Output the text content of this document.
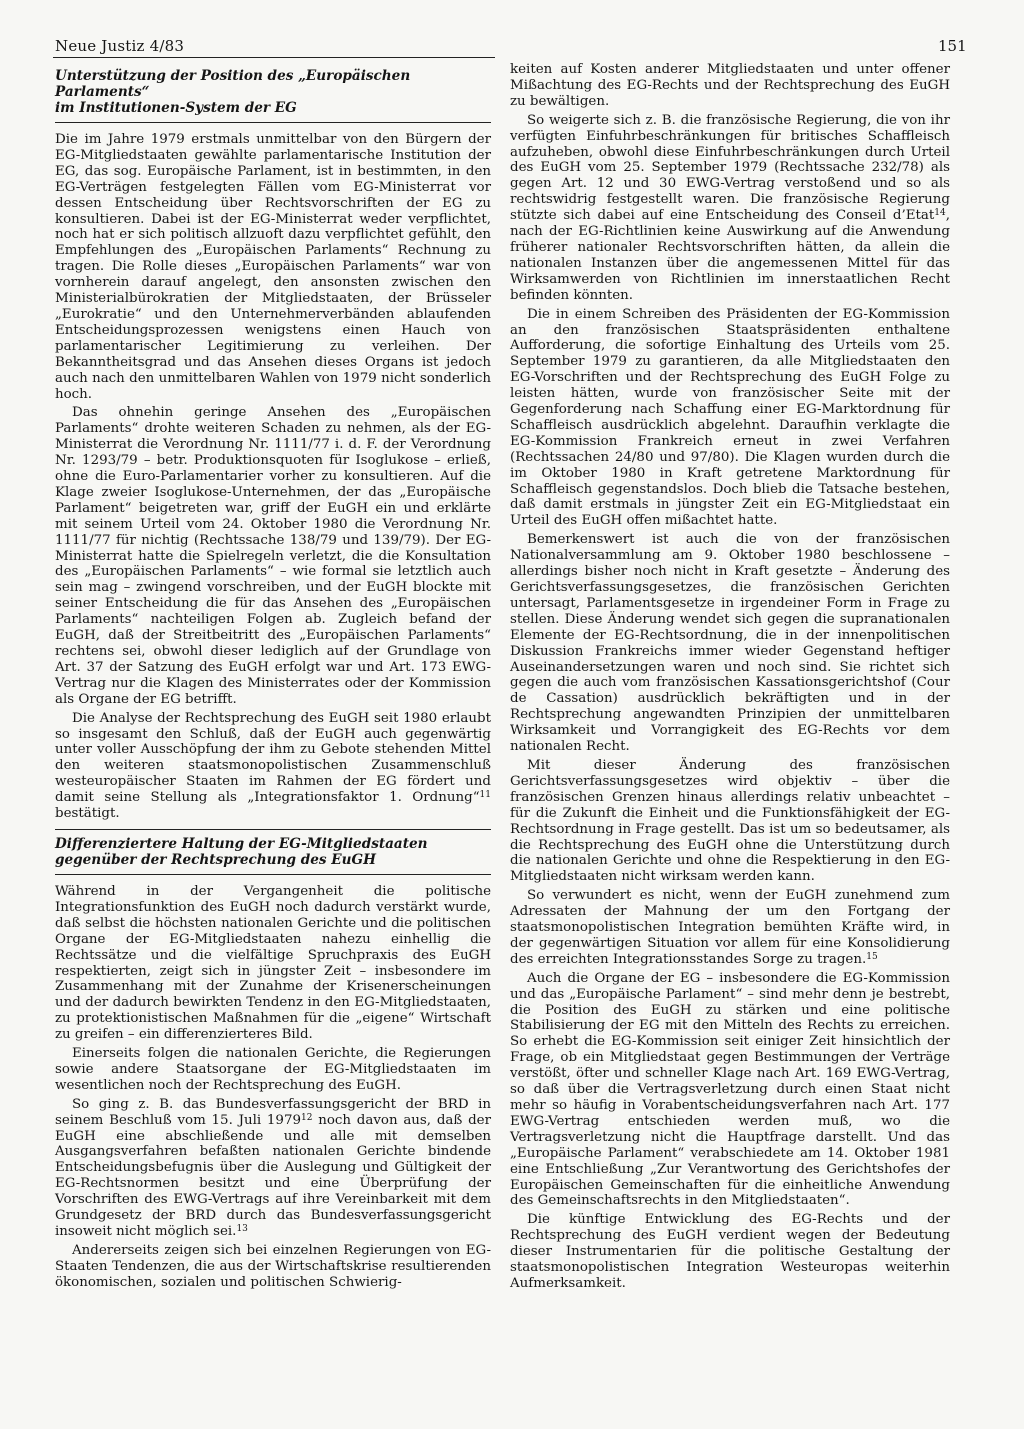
Neue Justiz 4/83	151
Unterstützung der Position des „Europäischen Parlaments“
im Institutionen-System der EG

Die im Jahre 1979 erstmals unmittelbar von den Bürgern der EG-Mitgliedstaaten gewählte parlamentarische Institution der EG, das sog. Europäische Parlament, ist in bestimmten, in den EG-Verträgen festgelegten Fällen vom EG-Ministerrat vor dessen Entscheidung über Rechtsvorschriften der EG zu konsultieren. Dabei ist der EG-Ministerrat weder verpflichtet, noch hat er sich politisch allzuoft dazu verpflichtet gefühlt, den Empfehlungen des „Europäischen Parlaments“ Rechnung zu tragen. Die Rolle dieses „Europäischen Parlaments“ war von vornherein darauf angelegt, den ansonsten zwischen den Ministerialbürokratien der Mitgliedstaaten, der Brüsseler „Eurokratie“ und den Unternehmerverbänden ablaufenden Entscheidungsprozessen wenigstens einen Hauch von parlamentarischer Legitimierung zu verleihen. Der Bekanntheitsgrad und das Ansehen dieses Organs ist jedoch auch nach den unmittelbaren Wahlen von 1979 nicht sonderlich hoch.

Das ohnehin geringe Ansehen des „Europäischen Parlaments“ drohte weiteren Schaden zu nehmen, als der EG-Ministerrat die Verordnung Nr. 1111/77 i. d. F. der Verordnung Nr. 1293/79 – betr. Produktionsquoten für Isoglukose – erließ, ohne die Euro-Parlamentarier vorher zu konsultieren. Auf die Klage zweier Isoglukose-Unternehmen, der das „Europäische Parlament“ beigetreten war, griff der EuGH ein und erklärte mit seinem Urteil vom 24. Oktober 1980 die Verordnung Nr. 1111/77 für nichtig (Rechtssache 138/79 und 139/79). Der EG-Ministerrat hatte die Spielregeln verletzt, die die Konsultation des „Europäischen Parlaments“ – wie formal sie letztlich auch sein mag – zwingend vorschreiben, und der EuGH blockte mit seiner Entscheidung die für das Ansehen des „Europäischen Parlaments“ nachteiligen Folgen ab. Zugleich befand der EuGH, daß der Streitbeitritt des „Europäischen Parlaments“ rechtens sei, obwohl dieser lediglich auf der Grundlage von Art. 37 der Satzung des EuGH erfolgt war und Art. 173 EWG-Vertrag nur die Klagen des Ministerrates oder der Kommission als Organe der EG betrifft.

Die Analyse der Rechtsprechung des EuGH seit 1980 erlaubt so insgesamt den Schluß, daß der EuGH auch gegenwärtig unter voller Ausschöpfung der ihm zu Gebote stehenden Mittel den weiteren staatsmonopolistischen Zusammenschluß westeuropäischer Staaten im Rahmen der EG fördert und damit seine Stellung als „Integrationsfaktor 1. Ordnung“$^{11}$ bestätigt.

Differenziertere Haltung der EG-Mitgliedstaaten
gegenüber der Rechtsprechung des EuGH

Während in der Vergangenheit die politische Integrationsfunktion des EuGH noch dadurch verstärkt wurde, daß selbst die höchsten nationalen Gerichte und die politischen Organe der EG-Mitgliedstaaten nahezu einhellig die Rechtssätze und die vielfältige Spruchpraxis des EuGH respektierten, zeigt sich in jüngster Zeit – insbesondere im Zusammenhang mit der Zunahme der Krisenerscheinungen und der dadurch bewirkten Tendenz in den EG-Mitgliedstaaten, zu protektionistischen Maßnahmen für die „eigene“ Wirtschaft zu greifen – ein differenzierteres Bild.

Einerseits folgen die nationalen Gerichte, die Regierungen sowie andere Staatsorgane der EG-Mitgliedstaaten im wesentlichen noch der Rechtsprechung des EuGH.

So ging z. B. das Bundesverfassungsgericht der BRD in seinem Beschluß vom 15. Juli 1979$^{12}$ noch davon aus, daß der EuGH eine abschließende und alle mit demselben Ausgangsverfahren befaßten nationalen Gerichte bindende Entscheidungsbefugnis über die Auslegung und Gültigkeit der EG-Rechtsnormen besitzt und eine Überprüfung der Vorschriften des EWG-Vertrags auf ihre Vereinbarkeit mit dem Grundgesetz der BRD durch das Bundesverfassungsgericht insoweit nicht möglich sei.$^{13}$

Andererseits zeigen sich bei einzelnen Regierungen von EG-Staaten Tendenzen, die aus der Wirtschaftskrise resultierenden ökonomischen, sozialen und politischen Schwierig-

keiten auf Kosten anderer Mitgliedstaaten und unter offener Mißachtung des EG-Rechts und der Rechtsprechung des EuGH zu bewältigen.

So weigerte sich z. B. die französische Regierung, die von ihr verfügten Einfuhrbeschränkungen für britisches Schaffleisch aufzuheben, obwohl diese Einfuhrbeschränkungen durch Urteil des EuGH vom 25. September 1979 (Rechtssache 232/78) als gegen Art. 12 und 30 EWG-Vertrag verstoßend und so als rechtswidrig festgestellt waren. Die französische Regierung stützte sich dabei auf eine Entscheidung des Conseil d’Etat$^{14}$, nach der EG-Richtlinien keine Auswirkung auf die Anwendung früherer nationaler Rechtsvorschriften hätten, da allein die nationalen Instanzen über die angemessenen Mittel für das Wirksamwerden von Richtlinien im innerstaatlichen Recht befinden könnten.

Die in einem Schreiben des Präsidenten der EG-Kommission an den französischen Staatspräsidenten enthaltene Aufforderung, die sofortige Einhaltung des Urteils vom 25. September 1979 zu garantieren, da alle Mitgliedstaaten den EG-Vorschriften und der Rechtsprechung des EuGH Folge zu leisten hätten, wurde von französischer Seite mit der Gegenforderung nach Schaffung einer EG-Marktordnung für Schaffleisch ausdrücklich abgelehnt. Daraufhin verklagte die EG-Kommission Frankreich erneut in zwei Verfahren (Rechtssachen 24/80 und 97/80). Die Klagen wurden durch die im Oktober 1980 in Kraft getretene Marktordnung für Schaffleisch gegenstandslos. Doch blieb die Tatsache bestehen, daß damit erstmals in jüngster Zeit ein EG-Mitgliedstaat ein Urteil des EuGH offen mißachtet hatte.

Bemerkenswert ist auch die von der französischen Nationalversammlung am 9. Oktober 1980 beschlossene – allerdings bisher noch nicht in Kraft gesetzte – Änderung des Gerichtsverfassungsgesetzes, die französischen Gerichten untersagt, Parlamentsgesetze in irgendeiner Form in Frage zu stellen. Diese Änderung wendet sich gegen die supranationalen Elemente der EG-Rechtsordnung, die in der innenpolitischen Diskussion Frankreichs immer wieder Gegenstand heftiger Auseinandersetzungen waren und noch sind. Sie richtet sich gegen die auch vom französischen Kassationsgerichtshof (Cour de Cassation) ausdrücklich bekräftigten und in der Rechtsprechung angewandten Prinzipien der unmittelbaren Wirksamkeit und Vorrangigkeit des EG-Rechts vor dem nationalen Recht.

Mit dieser Änderung des französischen Gerichtsverfassungsgesetzes wird objektiv – über die französischen Grenzen hinaus allerdings relativ unbeachtet – für die Zukunft die Einheit und die Funktionsfähigkeit der EG-Rechtsordnung in Frage gestellt. Das ist um so bedeutsamer, als die Rechtsprechung des EuGH ohne die Unterstützung durch die nationalen Gerichte und ohne die Respektierung in den EG-Mitgliedstaaten nicht wirksam werden kann.

So verwundert es nicht, wenn der EuGH zunehmend zum Adressaten der Mahnung der um den Fortgang der staatsmonopolistischen Integration bemühten Kräfte wird, in der gegenwärtigen Situation vor allem für eine Konsolidierung des erreichten Integrationsstandes Sorge zu tragen.$^{15}$

Auch die Organe der EG – insbesondere die EG-Kommission und das „Europäische Parlament“ – sind mehr denn je bestrebt, die Position des EuGH zu stärken und eine politische Stabilisierung der EG mit den Mitteln des Rechts zu erreichen. So erhebt die EG-Kommission seit einiger Zeit hinsichtlich der Frage, ob ein Mitgliedstaat gegen Bestimmungen der Verträge verstößt, öfter und schneller Klage nach Art. 169 EWG-Vertrag, so daß über die Vertragsverletzung durch einen Staat nicht mehr so häufig in Vorabentscheidungsverfahren nach Art. 177 EWG-Vertrag entschieden werden muß, wo die Vertragsverletzung nicht die Hauptfrage darstellt. Und das „Europäische Parlament“ verabschiedete am 14. Oktober 1981 eine Entschließung „Zur Verantwortung des Gerichtshofes der Europäischen Gemeinschaften für die einheitliche Anwendung des Gemeinschaftsrechts in den Mitgliedstaaten“.

Die künftige Entwicklung des EG-Rechts und der Rechtsprechung des EuGH verdient wegen der Bedeutung dieser Instrumentarien für die politische Gestaltung der staatsmonopolistischen Integration Westeuropas weiterhin Aufmerksamkeit.
